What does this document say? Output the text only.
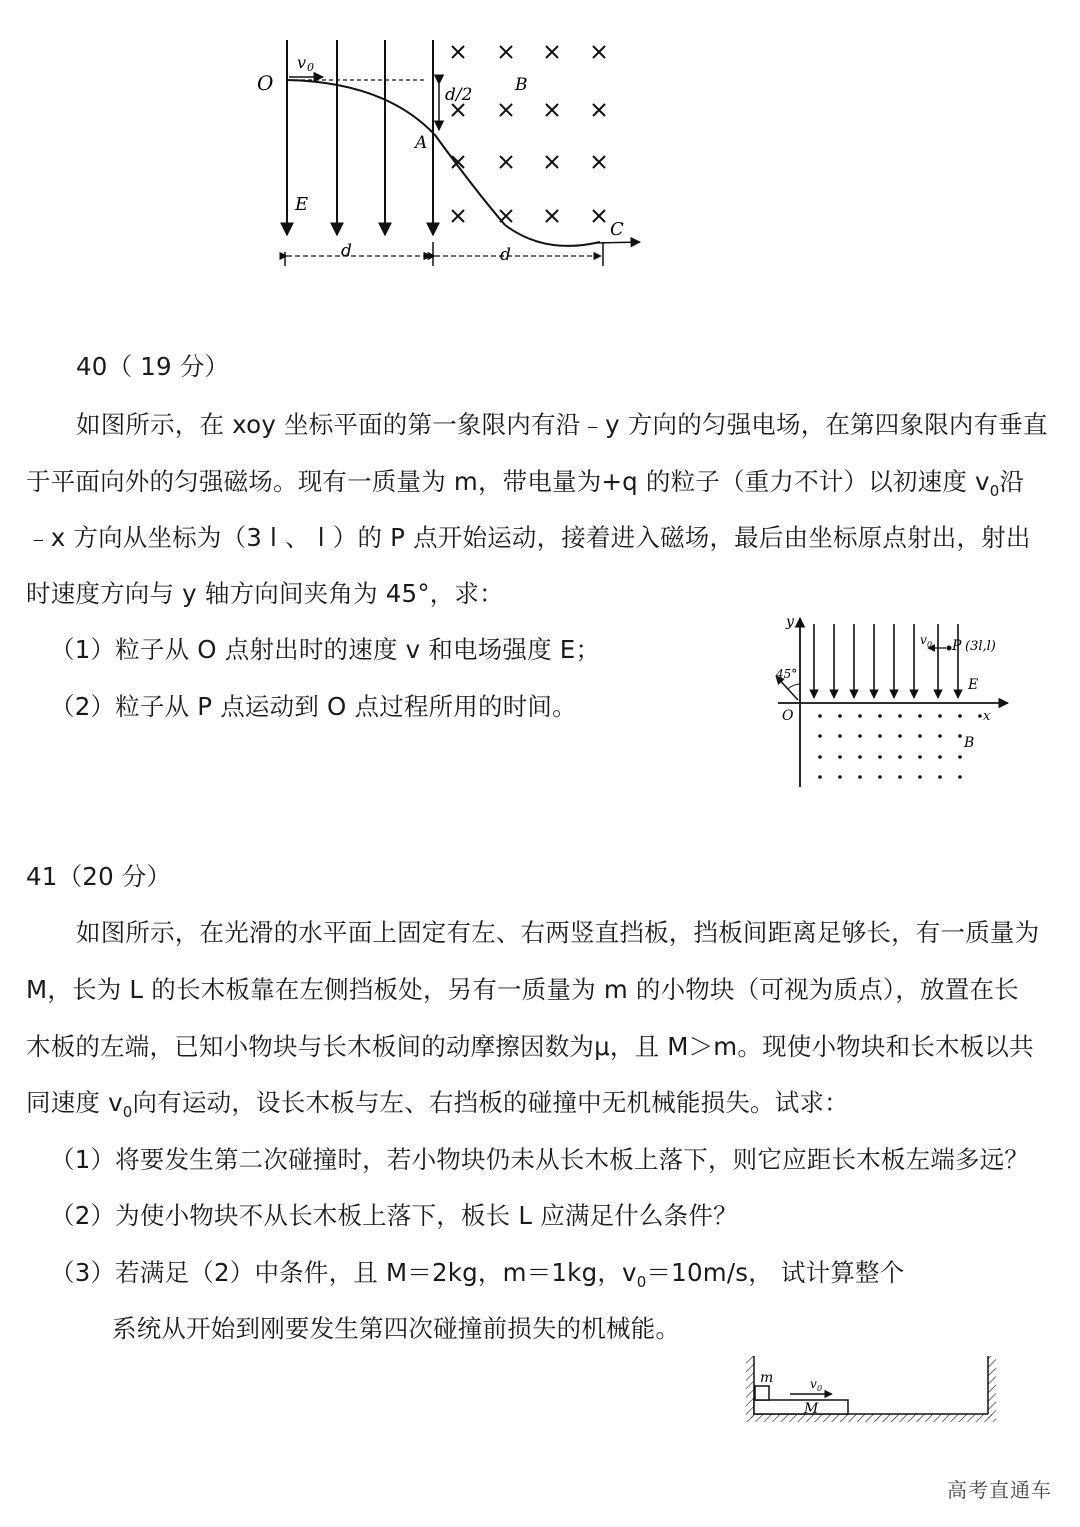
O
v 0
d/2	B
A
E
C
d	d
40（ 19 分）
如图所示，在 xoy 坐标平面的第一象限内有沿﹣y 方向的匀强电场，在第四象限内有垂直
于平面向外的匀强磁场。现有一质量为 m，带电量为+q 的粒子（重力不计）以初速度 $v_0$沿
﹣x 方向从坐标为（3 l 、 l ）的 P 点开始运动，接着进入磁场，最后由坐标原点射出，射出
时速度方向与 y 轴方向间夹角为 45°，求：
（1）粒子从 O 点射出时的速度 v 和电场强度 E；
（2）粒子从 P 点运动到 O 点过程所用的时间。
y
45°
v 0 P (3l,l)
E
O	x
B
41（20 分）
如图所示，在光滑的水平面上固定有左、右两竖直挡板，挡板间距离足够长，有一质量为
M，长为 L 的长木板靠在左侧挡板处，另有一质量为 m 的小物块（可视为质点），放置在长
木板的左端，已知小物块与长木板间的动摩擦因数为μ，且 M＞m。现使小物块和长木板以共
同速度 $v_0$向有运动，设长木板与左、右挡板的碰撞中无机械能损失。试求：
（1）将要发生第二次碰撞时，若小物块仍未从长木板上落下，则它应距长木板左端多远？
（2）为使小物块不从长木板上落下，板长 L 应满足什么条件？
（3）若满足（2）中条件，且 M＝2kg，m＝1kg，$v_0=10m/s$， 试计算整个
系统从开始到刚要发生第四次碰撞前损失的机械能。
m	v 0
M
高考直通车
